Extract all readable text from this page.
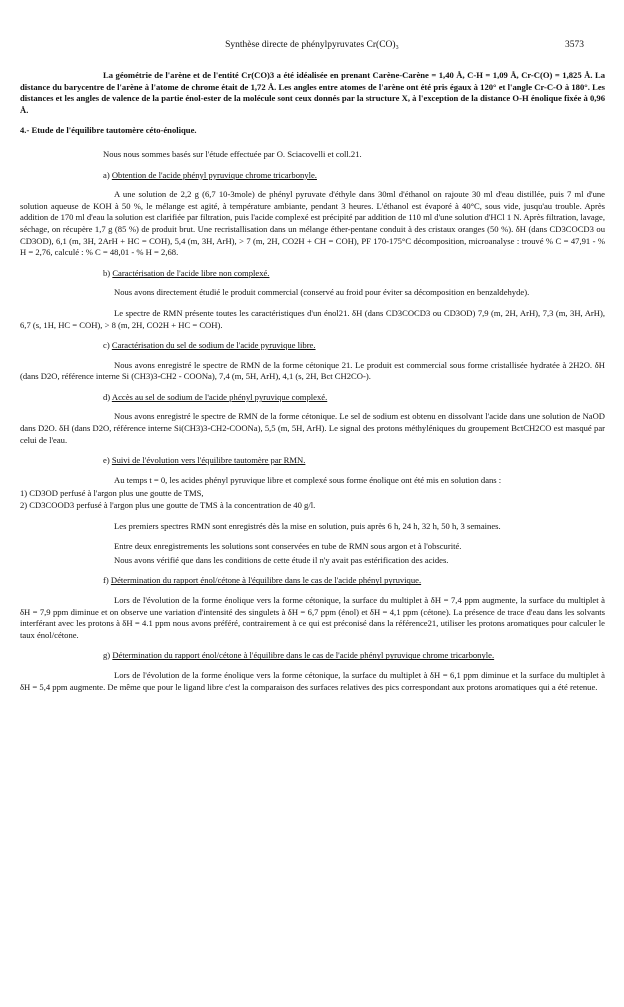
Synthèse directe de phénylpyruvates Cr(CO)₃	3573

La géométrie de l'arène et de l'entité Cr(CO)3 a été idéalisée en prenant Carène-Carène = 1,40 Å, C-H = 1,09 Å, Cr-C(O) = 1,825 Å. La distance du barycentre de l'arène à l'atome de chrome était de 1,72 Å. Les angles entre atomes de l'arène ont été pris égaux à 120° et l'angle Cr-C-O à 180°. Les distances et les angles de valence de la partie énol-ester de la molécule sont ceux donnés par la structure X, à l'exception de la distance O-H énolique fixée à 0,96 Å.

4.- Etude de l'équilibre tautomère céto-énolique.

Nous nous sommes basés sur l'étude effectuée par O. Sciacovelli et coll.21.

a) Obtention de l'acide phényl pyruvique chrome tricarbonyle.

A une solution de 2,2 g (6,7 10-3mole) de phényl pyruvate d'éthyle dans 30ml d'éthanol on rajoute 30 ml d'eau distillée, puis 7 ml d'une solution aqueuse de KOH à 50 %, le mélange est agité, à température ambiante, pendant 3 heures. L'éthanol est évaporé à 40°C, sous vide, jusqu'au trouble. Après addition de 170 ml d'eau la solution est clarifiée par filtration, puis l'acide complexé est précipité par addition de 110 ml d'une solution d'HCl 1 N. Après filtration, lavage, séchage, on récupère 1,7 g (85 %) de produit brut. Une recristallisation dans un mélange éther-pentane conduit à des cristaux oranges (50 %). δH (dans CD3COCD3 ou CD3OD), 6,1 (m, 3H, 2ArH + HC = COH), 5,4 (m, 3H, ArH), > 7 (m, 2H, CO2H + CH = COH), PF 170-175°C décomposition, microanalyse : trouvé % C = 47,91 - % H = 2,76, calculé : % C = 48,01 - % H = 2,68.

b) Caractérisation de l'acide libre non complexé.

Nous avons directement étudié le produit commercial (conservé au froid pour éviter sa décomposition en benzaldehyde).

Le spectre de RMN présente toutes les caractéristiques d'un énol21. δH (dans CD3COCD3 ou CD3OD) 7,9 (m, 2H, ArH), 7,3 (m, 3H, ArH), 6,7 (s, 1H, HC = COH), > 8 (m, 2H, CO2H + HC = COH).

c) Caractérisation du sel de sodium de l'acide pyruvique libre.

Nous avons enregistré le spectre de RMN de la forme cétonique 21. Le produit est commercial sous forme cristallisée hydratée à 2H2O. δH (dans D2O, référence interne Si (CH3)3-CH2 - COONa), 7,4 (m, 5H, ArH), 4,1 (s, 2H, Bct CH2CO-).

d) Accès au sel de sodium de l'acide phényl pyruvique complexé.

Nous avons enregistré le spectre de RMN de la forme cétonique. Le sel de sodium est obtenu en dissolvant l'acide dans une solution de NaOD dans D2O. δH (dans D2O, référence interne Si(CH3)3-CH2-COONa), 5,5 (m, 5H, ArH). Le signal des protons méthyléniques du groupement BctCH2CO est masqué par celui de l'eau.

e) Suivi de l'évolution vers l'équilibre tautomère par RMN.

Au temps t = 0, les acides phényl pyruvique libre et complexé sous forme énolique ont été mis en solution dans :

1) CD3OD perfusé à l'argon plus une goutte de TMS,

2) CD3COOD3 perfusé à l'argon plus une goutte de TMS à la concentration de 40 g/l.

Les premiers spectres RMN sont enregistrés dès la mise en solution, puis après 6 h, 24 h, 32 h, 50 h, 3 semaines.

Entre deux enregistrements les solutions sont conservées en tube de RMN sous argon et à l'obscurité.

Nous avons vérifié que dans les conditions de cette étude il n'y avait pas estérification des acides.

f) Détermination du rapport énol/cétone à l'équilibre dans le cas de l'acide phényl pyruvique.

Lors de l'évolution de la forme énolique vers la forme cétonique, la surface du multiplet à δH = 7,4 ppm augmente, la surface du multiplet à δH = 7,9 ppm diminue et on observe une variation d'intensité des singulets à δH = 6,7 ppm (énol) et δH = 4,1 ppm (cétone). La présence de trace d'eau dans les solvants interférant avec les protons à δH = 4.1 ppm nous avons préféré, contrairement à ce qui est préconisé dans la référence21, utiliser les protons aromatiques pour calculer le taux énol/cétone.

g) Détermination du rapport énol/cétone à l'équilibre dans le cas de l'acide phényl pyruvique chrome tricarbonyle.

Lors de l'évolution de la forme énolique vers la forme cétonique, la surface du multiplet à δH = 6,1 ppm diminue et la surface du multiplet à δH = 5,4 ppm augmente. De même que pour le ligand libre c'est la comparaison des surfaces relatives des pics correspondant aux protons aromatiques qui a été retenue.
